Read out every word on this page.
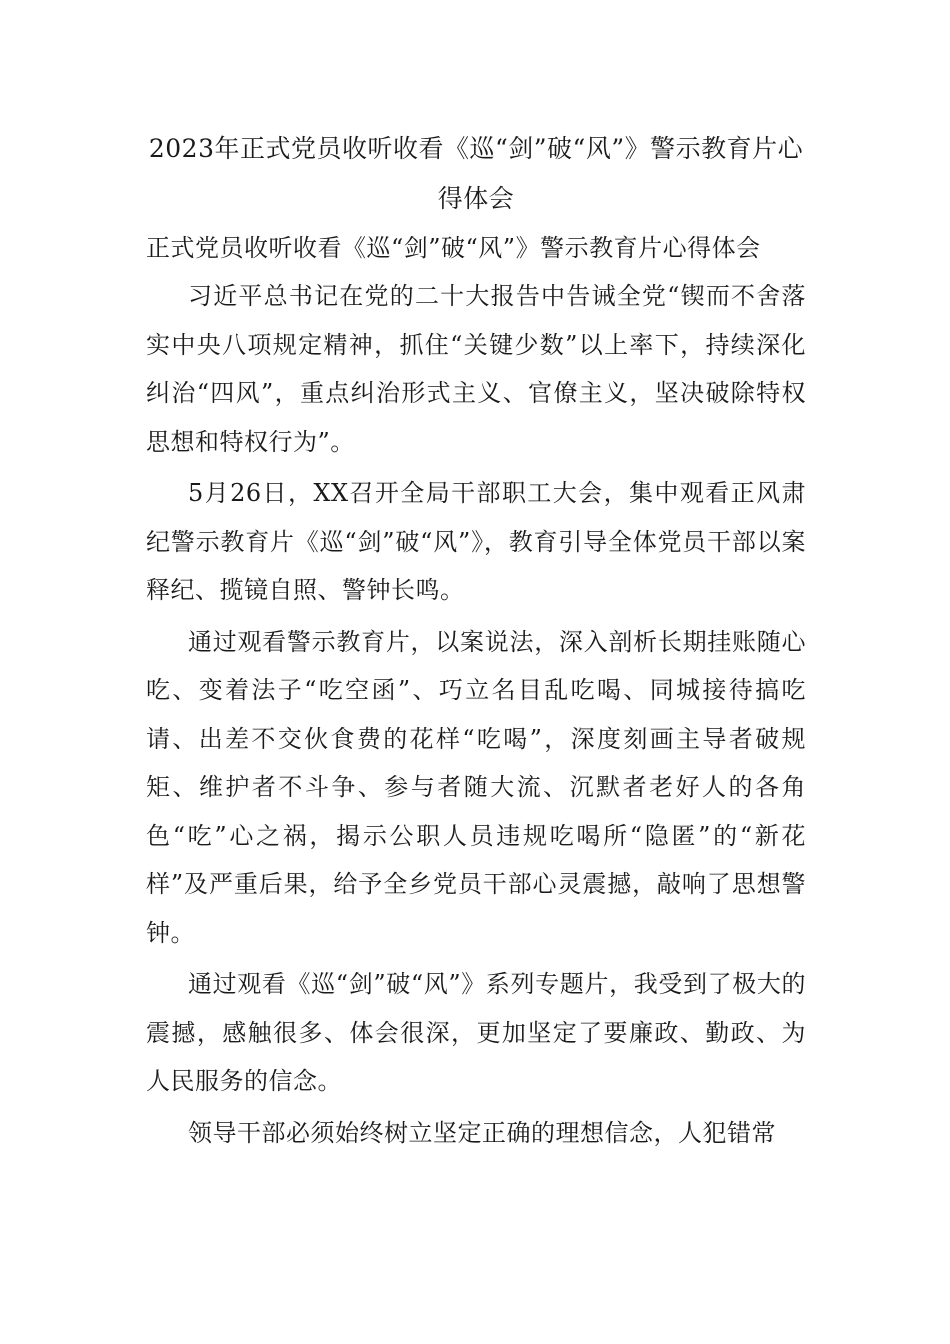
2023年正式党员收听收看《巡“剑”破“风”》警示教育片心得体会

正式党员收听收看《巡“剑”破“风”》警示教育片心得体会

习近平总书记在党的二十大报告中告诫全党“锲而不舍落实中央八项规定精神，抓住“关键少数”以上率下，持续深化纠治“四风”，重点纠治形式主义、官僚主义，坚决破除特权思想和特权行为”。

5月26日，XX召开全局干部职工大会，集中观看正风肃纪警示教育片《巡“剑”破“风”》，教育引导全体党员干部以案释纪、揽镜自照、警钟长鸣。

通过观看警示教育片，以案说法，深入剖析长期挂账随心吃、变着法子“吃空函”、巧立名目乱吃喝、同城接待搞吃请、出差不交伙食费的花样“吃喝”，深度刻画主导者破规矩、维护者不斗争、参与者随大流、沉默者老好人的各角色“吃”心之祸，揭示公职人员违规吃喝所“隐匿”的“新花样”及严重后果，给予全乡党员干部心灵震撼，敲响了思想警钟。

通过观看《巡“剑”破“风”》系列专题片，我受到了极大的震撼，感触很多、体会很深，更加坚定了要廉政、勤政、为人民服务的信念。

领导干部必须始终树立坚定正确的理想信念，人犯错常
